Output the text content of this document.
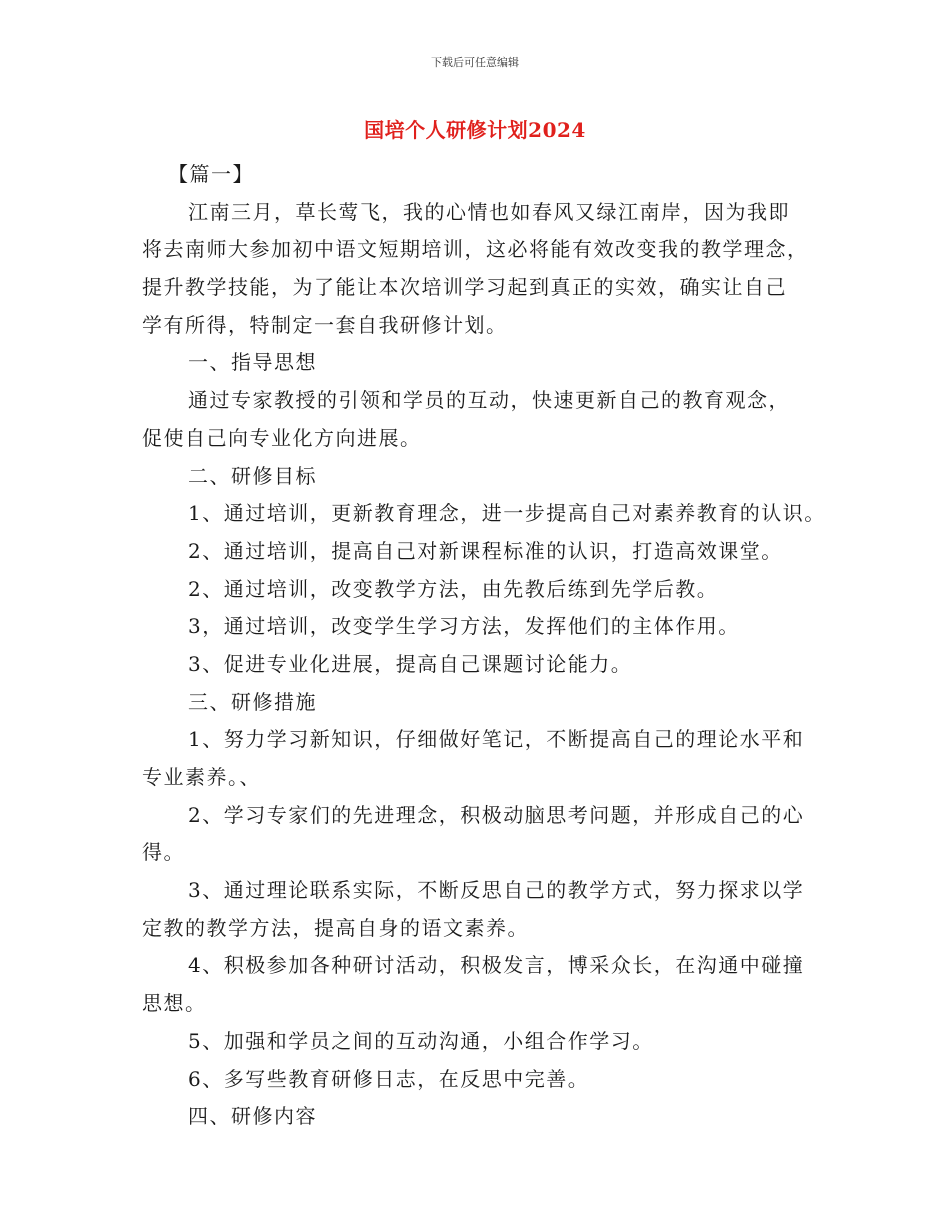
下载后可任意编辑
国培个人研修计划2024
【篇一】
江南三月，草长莺飞，我的心情也如春风又绿江南岸，因为我即
将去南师大参加初中语文短期培训，这必将能有效改变我的教学理念，
提升教学技能，为了能让本次培训学习起到真正的实效，确实让自己
学有所得，特制定一套自我研修计划。
一、指导思想
通过专家教授的引领和学员的互动，快速更新自己的教育观念，
促使自己向专业化方向进展。
二、研修目标
1、通过培训，更新教育理念，进一步提高自己对素养教育的认识。
2、通过培训，提高自己对新课程标准的认识，打造高效课堂。
2、通过培训，改变教学方法，由先教后练到先学后教。
3，通过培训，改变学生学习方法，发挥他们的主体作用。
3、促进专业化进展，提高自己课题讨论能力。
三、研修措施
1、努力学习新知识，仔细做好笔记，不断提高自己的理论水平和
专业素养。、
2、学习专家们的先进理念，积极动脑思考问题，并形成自己的心
得。
3、通过理论联系实际，不断反思自己的教学方式，努力探求以学
定教的教学方法，提高自身的语文素养。
4、积极参加各种研讨活动，积极发言，博采众长，在沟通中碰撞
思想。
5、加强和学员之间的互动沟通，小组合作学习。
6、多写些教育研修日志，在反思中完善。
四、研修内容
